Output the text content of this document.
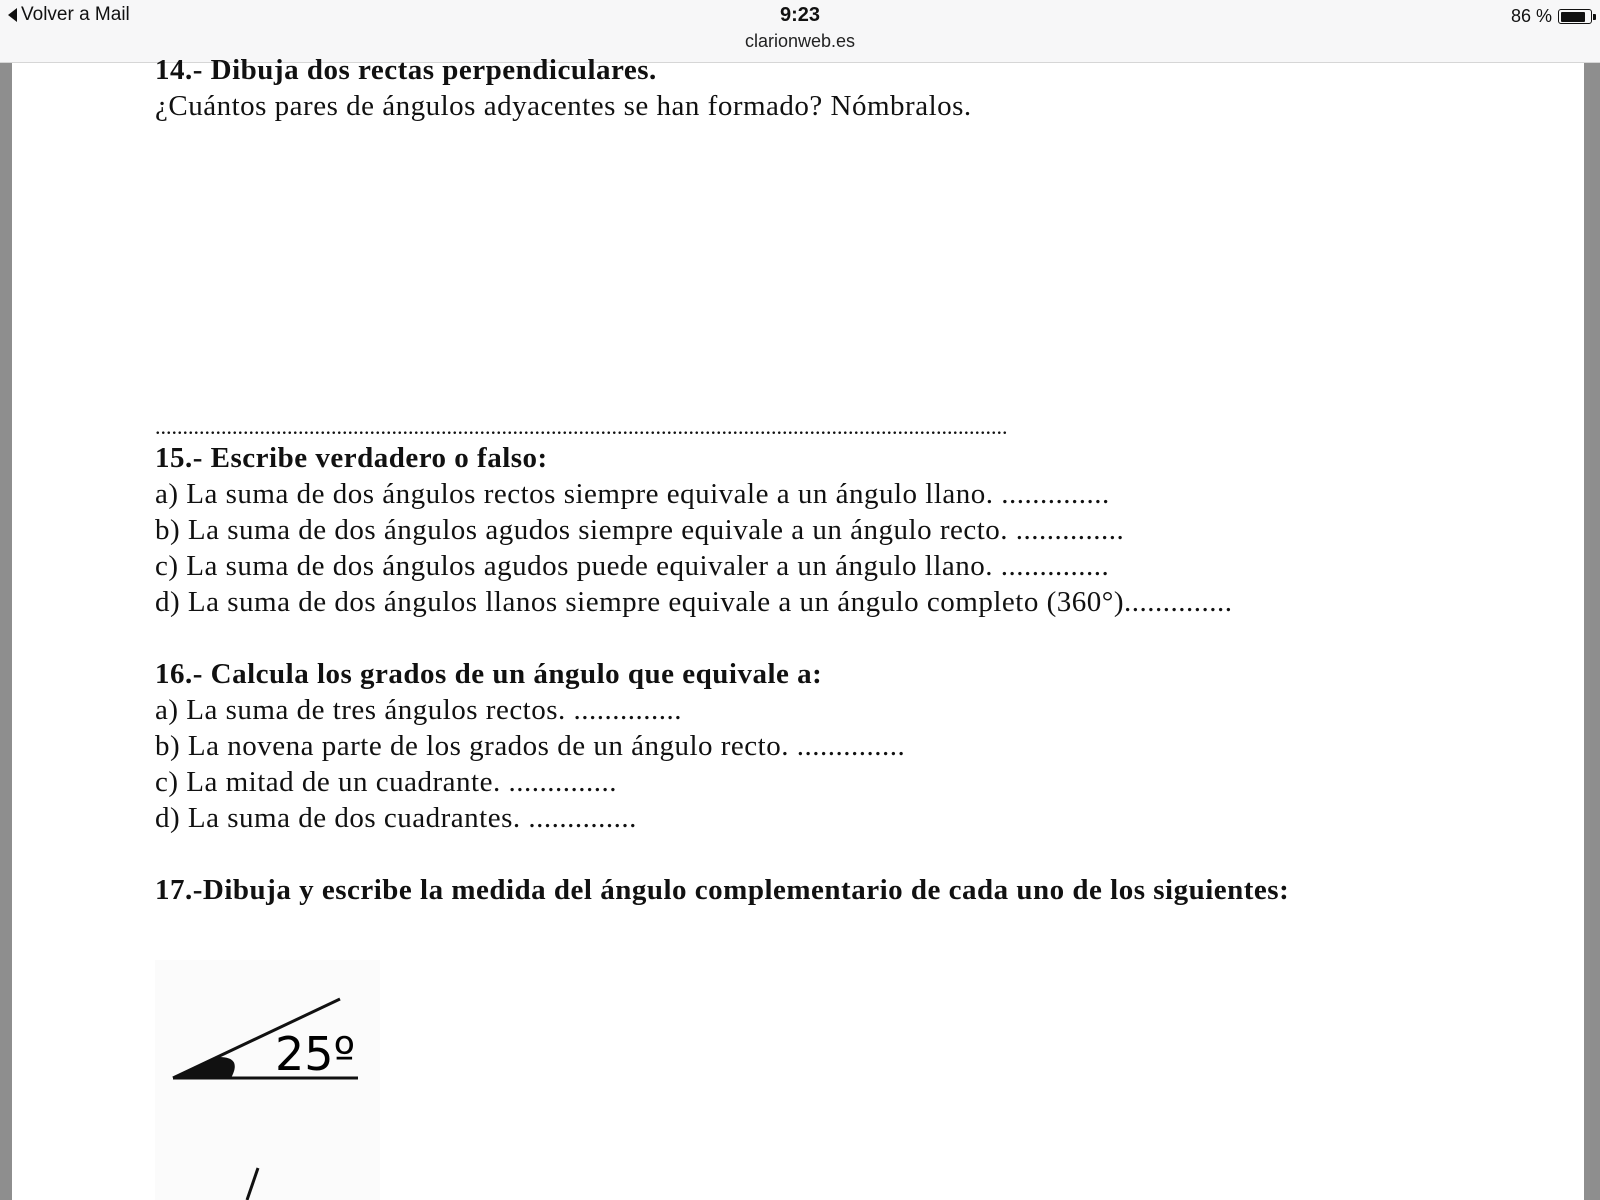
Volver a Mail	9:23
clarionweb.es
86 %

14.- Dibuja dos rectas perpendiculares.

¿Cuántos pares de ángulos adyacentes se han formado? Nómbralos.

...........................................................................................................................................................

15.- Escribe verdadero o falso:

a) La suma de dos ángulos rectos siempre equivale a un ángulo llano. ..............

b) La suma de dos ángulos agudos siempre equivale a un ángulo recto. ..............

c) La suma de dos ángulos agudos puede equivaler a un ángulo llano. ..............

d) La suma de dos ángulos llanos siempre equivale a un ángulo completo (360°)..............

16.- Calcula los grados de un ángulo que equivale a:

a) La suma de tres ángulos rectos. ..............

b) La novena parte de los grados de un ángulo recto. ..............

c) La mitad de un cuadrante. ..............

d) La suma de dos cuadrantes. ..............

17.-Dibuja y escribe la medida del ángulo complementario de cada uno de los siguientes:

25º
